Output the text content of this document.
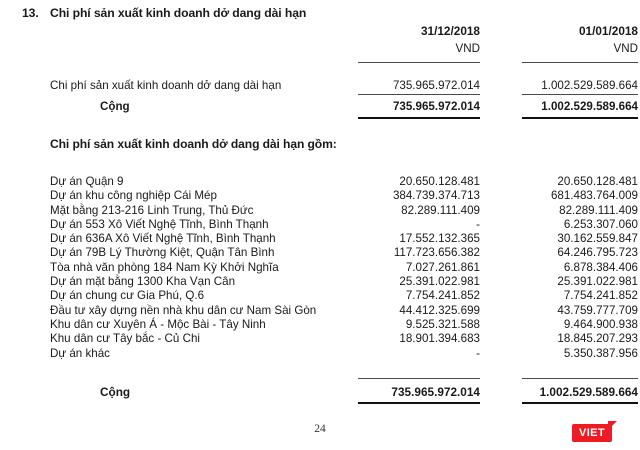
13. Chi phí sản xuất kinh doanh dở dang dài hạn
31/12/2018	01/01/2018
VND	VND
Chi phí sản xuất kinh doanh dở dang dài hạn	735.965.972.014	1.002.529.589.664
Cộng	735.965.972.014	1.002.529.589.664
Chi phí sản xuất kinh doanh dở dang dài hạn gồm:
Dự án Quận 9	20.650.128.481	20.650.128.481
Dự án khu công nghiệp Cái Mép	384.739.374.713	681.483.764.009
Mặt bằng 213-216 Linh Trung, Thủ Đức	82.289.111.409	82.289.111.409
Dự án 553 Xô Viết Nghệ Tĩnh, Bình Thạnh	-	6.253.307.060
Dự án 636A Xô Viết Nghệ Tĩnh, Bình Thạnh	17.552.132.365	30.162.559.847
Dự án 79B Lý Thường Kiệt, Quận Tân Bình	117.723.656.382	64.246.795.723
Tòa nhà văn phòng 184 Nam Kỳ Khởi Nghĩa	7.027.261.861	6.878.384.406
Dự án mặt bằng 1300 Kha Vạn Cân	25.391.022.981	25.391.022.981
Dự án chung cư Gia Phú, Q.6	7.754.241.852	7.754.241.852
Đầu tư xây dựng nền nhà khu dân cư Nam Sài Gòn	44.412.325.699	43.759.777.709
Khu dân cư Xuyên Á - Mộc Bài - Tây Ninh	9.525.321.588	9.464.900.938
Khu dân cư Tây bắc - Củ Chi	18.901.394.683	18.845.207.293
Dự án khác	-	5.350.387.956
Cộng	735.965.972.014	1.002.529.589.664
24	VIET
